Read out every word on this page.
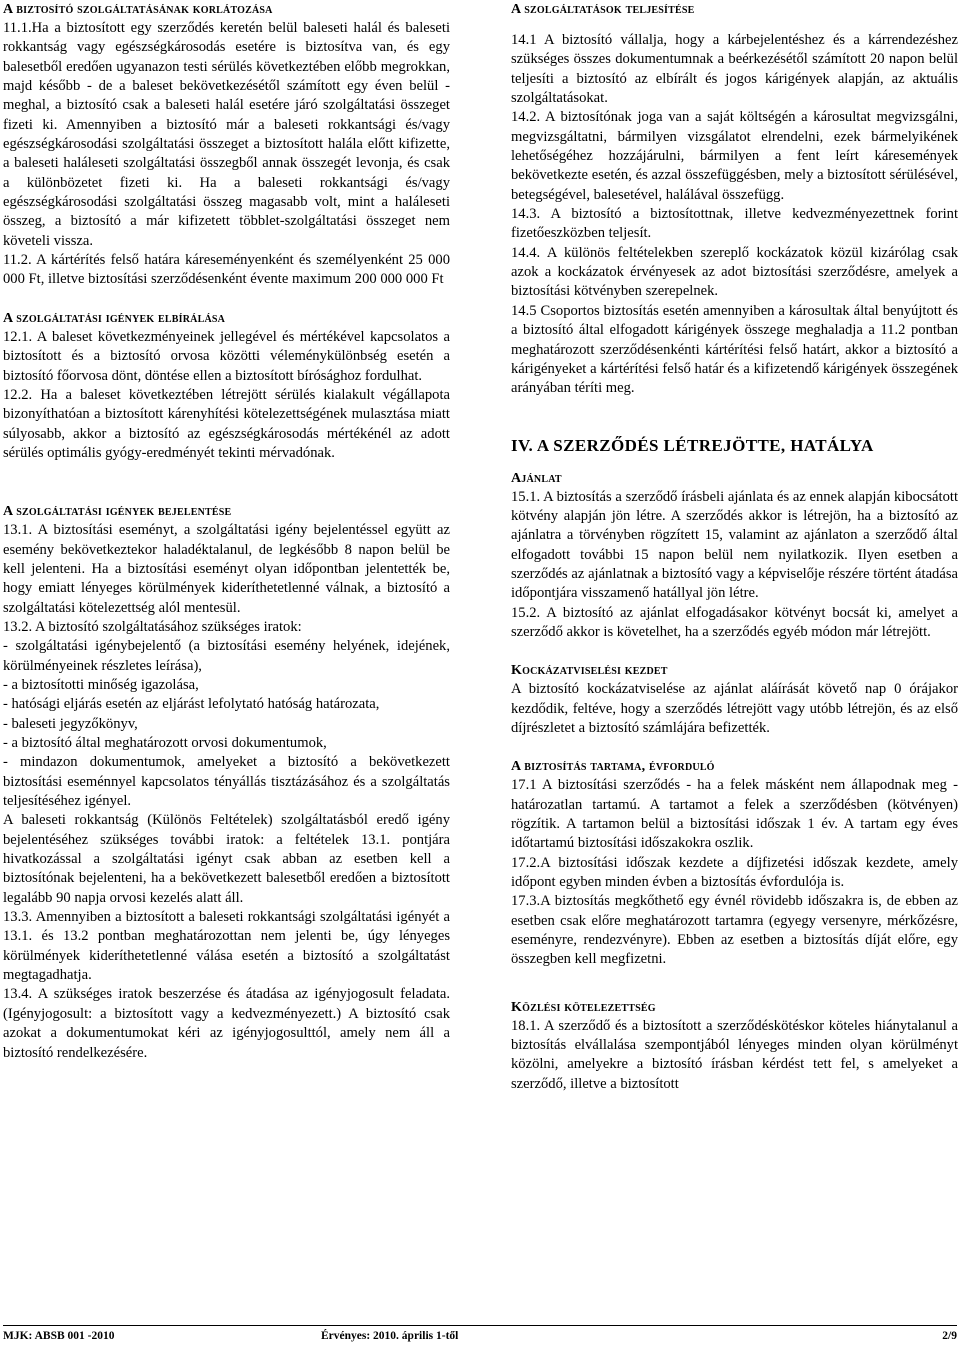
A biztosító szolgáltatásának korlátozása

11.1.Ha a biztosított egy szerződés keretén belül baleseti halál és baleseti rokkantság vagy egészségkárosodás esetére is biztosítva van, és egy balesetből eredően ugyanazon testi sérülés következtében előbb megrokkan, majd később - de a baleset bekövetkezésétől számított egy éven belül - meghal, a biztosító csak a baleseti halál esetére járó szolgáltatási összeget fizeti ki. Amennyiben a biztosító már a baleseti rokkantsági és/vagy egészségkárosodási szolgáltatási összeget a biztosított halála előtt kifizette, a baleseti haláleseti szolgáltatási összegből annak összegét levonja, és csak a különbözetet fizeti ki. Ha a baleseti rokkantsági és/vagy egészségkárosodási szolgáltatási összeg magasabb volt, mint a haláleseti összeg, a biztosító a már kifizetett többlet-szolgáltatási összeget nem követeli vissza.

11.2. A kártérítés felső határa káreseményenként és személyenként 25 000 000 Ft, illetve biztosítási szerződésenként évente maximum 200 000 000 Ft

A szolgáltatási igények elbírálása

12.1. A baleset következményeinek jellegével és mértékével kapcsolatos a biztosított és a biztosító orvosa közötti véleménykülönbség esetén a biztosító főorvosa dönt, döntése ellen a biztosított bírósághoz fordulhat.

12.2. Ha a baleset következtében létrejött sérülés kialakult végállapota bizonyíthatóan a biztosított kárenyhítési kötelezettségének mulasztása miatt súlyosabb, akkor a biztosító az egészségkárosodás mértékénél az adott sérülés optimális gyógy-eredményét tekinti mérvadónak.

A szolgáltatási igények bejelentése

13.1. A biztosítási eseményt, a szolgáltatási igény bejelentéssel együtt az esemény bekövetkeztekor haladéktalanul, de legkésőbb 8 napon belül be kell jelenteni. Ha a biztosítási eseményt olyan időpontban jelentették be, hogy emiatt lényeges körülmények kideríthetetlenné válnak, a biztosító a szolgáltatási kötelezettség alól mentesül.

13.2. A biztosító szolgáltatásához szükséges iratok:

- szolgáltatási igénybejelentő (a biztosítási esemény helyének, idejének, körülményeinek részletes leírása),

- a biztosítotti minőség igazolása,

- hatósági eljárás esetén az eljárást lefolytató hatóság határozata,

- baleseti jegyzőkönyv,

- a biztosító által meghatározott orvosi dokumentumok,

- mindazon dokumentumok, amelyeket a biztosító a bekövetkezett biztosítási eseménnyel kapcsolatos tényállás tisztázásához és a szolgáltatás teljesítéséhez igényel.

A baleseti rokkantság (Különös Feltételek) szolgáltatásból eredő igény bejelentéséhez szükséges további iratok: a feltételek 13.1. pontjára hivatkozással a szolgáltatási igényt csak abban az esetben kell a biztosítónak bejelenteni, ha a bekövetkezett balesetből eredően a biztosított legalább 90 napja orvosi kezelés alatt áll.

13.3. Amennyiben a biztosított a baleseti rokkantsági szolgáltatási igényét a 13.1. és 13.2 pontban meghatározottan nem jelenti be, úgy lényeges körülmények kideríthetetlenné válása esetén a biztosító a szolgáltatást megtagadhatja.

13.4. A szükséges iratok beszerzése és átadása az igényjogosult feladata. (Igényjogosult: a biztosított vagy a kedvezményezett.) A biztosító csak azokat a dokumentumokat kéri az igényjogosulttól, amely nem áll a biztosító rendelkezésére.

A szolgáltatások teljesítése

14.1 A biztosító vállalja, hogy a kárbejelentéshez és a kárrendezéshez szükséges összes dokumentumnak a beérkezésétől számított 20 napon belül teljesíti a biztosító az elbírált és jogos kárigények alapján, az aktuális szolgáltatásokat.

14.2. A biztosítónak joga van a saját költségén a károsultat megvizsgálni, megvizsgáltatni, bármilyen vizsgálatot elrendelni, ezek bármelyikének lehetőségéhez hozzájárulni, bármilyen a fent leírt káresemények bekövetkezte esetén, és azzal összefüggésben, mely a biztosított sérülésével, betegségével, balesetével, halálával összefügg.

14.3. A biztosító a biztosítottnak, illetve kedvezményezettnek forint fizetőeszközben teljesít.

14.4. A különös feltételekben szereplő kockázatok közül kizárólag csak azok a kockázatok érvényesek az adot biztosítási szerződésre, amelyek a biztosítási kötvényben szerepelnek.

14.5 Csoportos biztosítás esetén amennyiben a károsultak által benyújtott és a biztosító által elfogadott kárigények összege meghaladja a 11.2 pontban meghatározott szerződésenkénti kártérítési felső határt, akkor a biztosító a kárigényeket a kártérítési felső határ és a kifizetendő kárigények összegének arányában téríti meg.

IV. A SZERZŐDÉS LÉTREJÖTTE, HATÁLYA

Ajánlat

15.1. A biztosítás a szerződő írásbeli ajánlata és az ennek alapján kibocsátott kötvény alapján jön létre. A szerződés akkor is létrejön, ha a biztosító az ajánlatra a törvényben rögzített 15, valamint az ajánlaton a szerződő által elfogadott további 15 napon belül nem nyilatkozik. Ilyen esetben a szerződés az ajánlatnak a biztosító vagy a képviselője részére történt átadása időpontjára visszamenő hatállyal jön létre.

15.2. A biztosító az ajánlat elfogadásakor kötvényt bocsát ki, amelyet a szerződő akkor is követelhet, ha a szerződés egyéb módon már létrejött.

Kockázatviselési kezdet

A biztosító kockázatviselése az ajánlat aláírását követő nap 0 órájakor kezdődik, feltéve, hogy a szerződés létrejött vagy utóbb létrejön, és az első díjrészletet a biztosító számlájára befizették.

A biztosítás tartama, évforduló

17.1 A biztosítási szerződés - ha a felek másként nem állapodnak meg - határozatlan tartamú. A tartamot a felek a szerződésben (kötvényen) rögzítik. A tartamon belül a biztosítási időszak 1 év. A tartam egy éves időtartamú biztosítási időszakokra oszlik.

17.2.A biztosítási időszak kezdete a díjfizetési időszak kezdete, amely időpont egyben minden évben a biztosítás évfordulója is.

17.3.A biztosítás megkőthető egy évnél rövidebb időszakra is, de ebben az esetben csak előre meghatározott tartamra (egyegy versenyre, mérkőzésre, eseményre, rendezvényre). Ebben az esetben a biztosítás díját előre, egy összegben kell megfizetni.

Közlési kötelezettség

18.1. A szerződő és a biztosított a szerződéskötéskor köteles hiánytalanul a biztosítás elvállalása szempontjából lényeges minden olyan körülményt közölni, amelyekre a biztosító írásban kérdést tett fel, s amelyeket a szerződő, illetve a biztosított

MJK: ABSB 001 -2010	Érvényes: 2010. április 1-től	2/9
